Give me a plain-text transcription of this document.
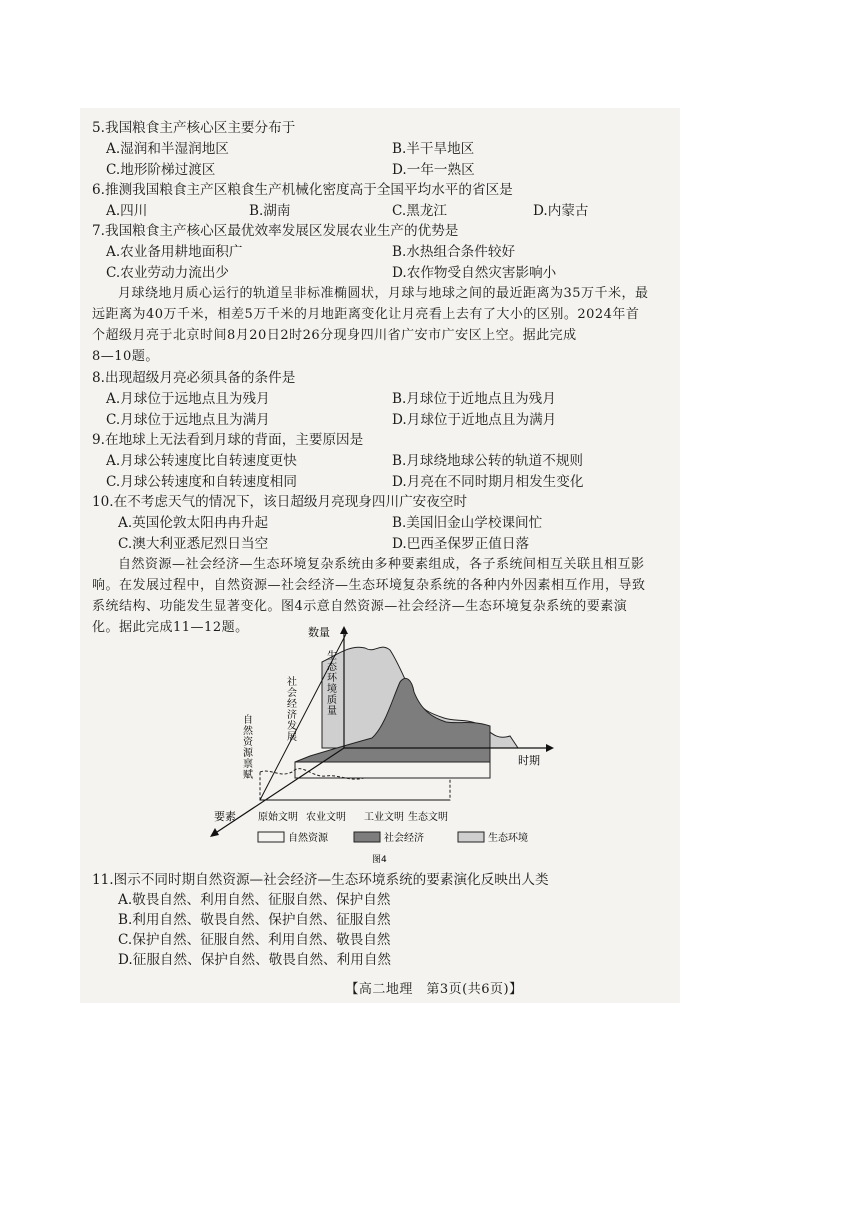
5.我国粮食主产核心区主要分布于
A.湿润和半湿润地区	B.半干旱地区
C.地形阶梯过渡区	D.一年一熟区
6.推测我国粮食主产区粮食生产机械化密度高于全国平均水平的省区是
A.四川	B.湖南	C.黑龙江	D.内蒙古
7.我国粮食主产核心区最优效率发展区发展农业生产的优势是
A.农业备用耕地面积广	B.水热组合条件较好
C.农业劳动力流出少	D.农作物受自然灾害影响小
月球绕地月质心运行的轨道呈非标准椭圆状，月球与地球之间的最近距离为35万千米，最
远距离为40万千米，相差5万千米的月地距离变化让月亮看上去有了大小的区别。2024年首
个超级月亮于北京时间8月20日2时26分现身四川省广安市广安区上空。据此完成
8—10题。
8.出现超级月亮必须具备的条件是
A.月球位于远地点且为残月	B.月球位于近地点且为残月
C.月球位于远地点且为满月	D.月球位于近地点且为满月
9.在地球上无法看到月球的背面，主要原因是
A.月球公转速度比自转速度更快	B.月球绕地球公转的轨道不规则
C.月球公转速度和自转速度相同	D.月亮在不同时期月相发生变化
10.在不考虑天气的情况下，该日超级月亮现身四川广安夜空时
A.英国伦敦太阳冉冉升起	B.美国旧金山学校课间忙
C.澳大利亚悉尼烈日当空	D.巴西圣保罗正值日落
自然资源—社会经济—生态环境复杂系统由多种要素组成，各子系统间相互关联且相互影
响。在发展过程中，自然资源—社会经济—生态环境复杂系统的各种内外因素相互作用，导致
系统结构、功能发生显著变化。图4示意自然资源—社会经济—生态环境复杂系统的要素演
化。据此完成11—12题。
11.图示不同时期自然资源—社会经济—生态环境系统的要素演化反映出人类
A.敬畏自然、利用自然、征服自然、保护自然
B.利用自然、敬畏自然、保护自然、征服自然
C.保护自然、征服自然、利用自然、敬畏自然
D.征服自然、保护自然、敬畏自然、利用自然
数量
时期
要素
生态环境质量
社会经济发展
自然资源禀赋
原始文明 农业文明 工业文明 生态文明
自然资源	社会经济	生态环境
图4
【高二地理　第3页(共6页)】
